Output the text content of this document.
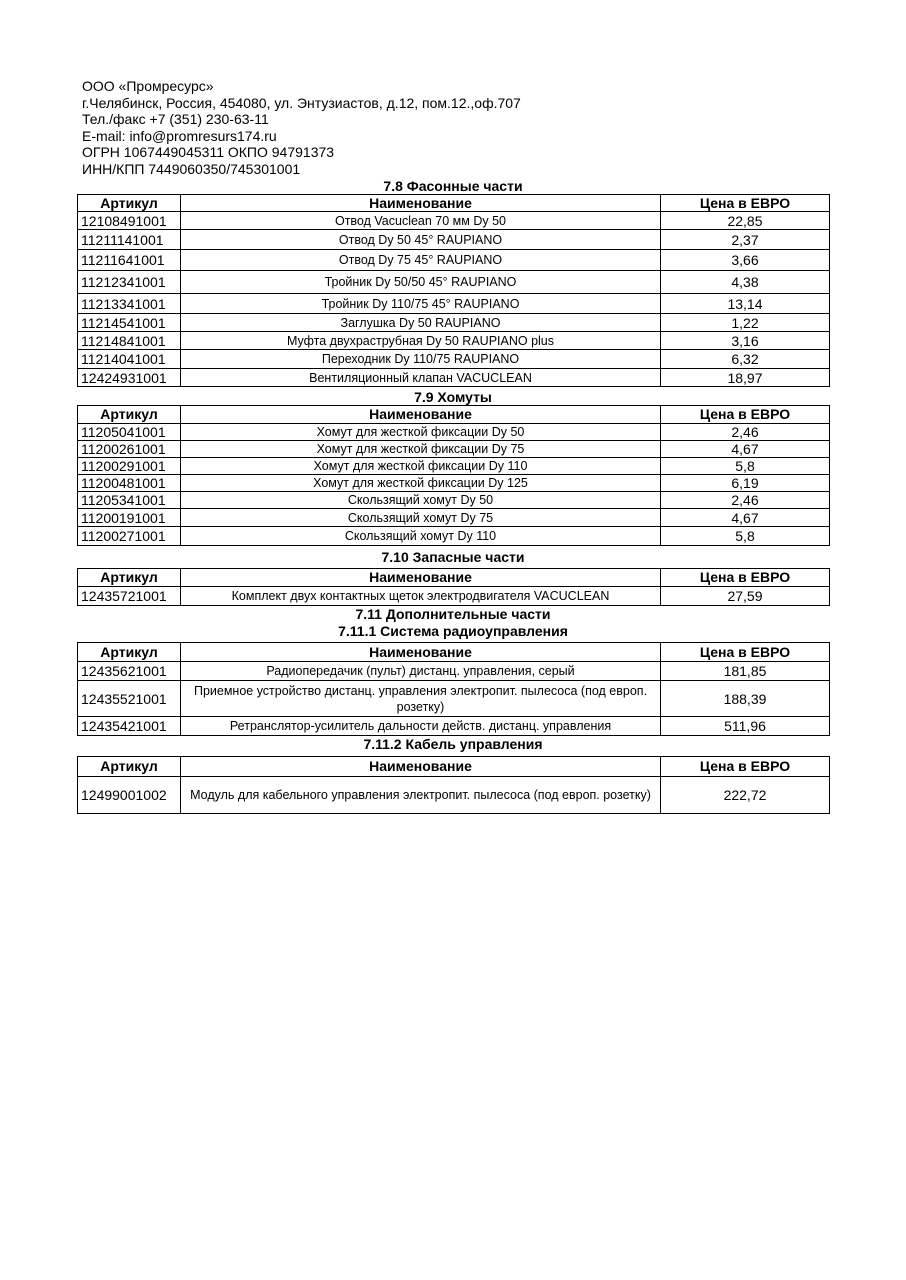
ООО «Промресурс»
г.Челябинск, Россия, 454080, ул. Энтузиастов, д.12, пом.12.,оф.707
Тел./факс +7 (351) 230-63-11
E-mail: info@promresurs174.ru
ОГРН 1067449045311 ОКПО 94791373
ИНН/КПП 7449060350/745301001
7.8 Фасонные части
Артикул	Наименование	Цена в ЕВРО
12108491001	Отвод Vacuclean 70 мм Dy 50	22,85
11211141001	Отвод Dy 50 45° RAUPIANO	2,37
11211641001	Отвод Dy 75 45° RAUPIANO	3,66
11212341001	Тройник Dy 50/50 45° RAUPIANO	4,38
11213341001	Тройник Dy 110/75 45° RAUPIANO	13,14
11214541001	Заглушка Dy 50 RAUPIANO	1,22
11214841001	Муфта двухраструбная Dy 50 RAUPIANO plus	3,16
11214041001	Переходник Dy 110/75 RAUPIANO	6,32
12424931001	Вентиляционный клапан VACUCLEAN	18,97
7.9 Хомуты
Артикул	Наименование	Цена в ЕВРО
11205041001	Хомут для жесткой фиксации Dy 50	2,46
11200261001	Хомут для жесткой фиксации Dy 75	4,67
11200291001	Хомут для жесткой фиксации Dy 110	5,8
11200481001	Хомут для жесткой фиксации Dy 125	6,19
11205341001	Скользящий хомут Dy 50	2,46
11200191001	Скользящий хомут Dy 75	4,67
11200271001	Скользящий хомут Dy 110	5,8
7.10 Запасные части
Артикул	Наименование	Цена в ЕВРО
12435721001	Комплект двух контактных щеток электродвигателя VACUCLEAN	27,59
7.11 Дополнительные части
7.11.1 Система радиоуправления
Артикул	Наименование	Цена в ЕВРО
12435621001	Радиопередачик (пульт) дистанц. управления, серый	181,85
12435521001	Приемное устройство дистанц. управления электропит. пылесоса (под европ. розетку)	188,39
12435421001	Ретранслятор-усилитель дальности действ. дистанц. управления	511,96
7.11.2 Кабель управления
Артикул	Наименование	Цена в ЕВРО
12499001002	Модуль для кабельного управления электропит. пылесоса (под европ. розетку)	222,72
